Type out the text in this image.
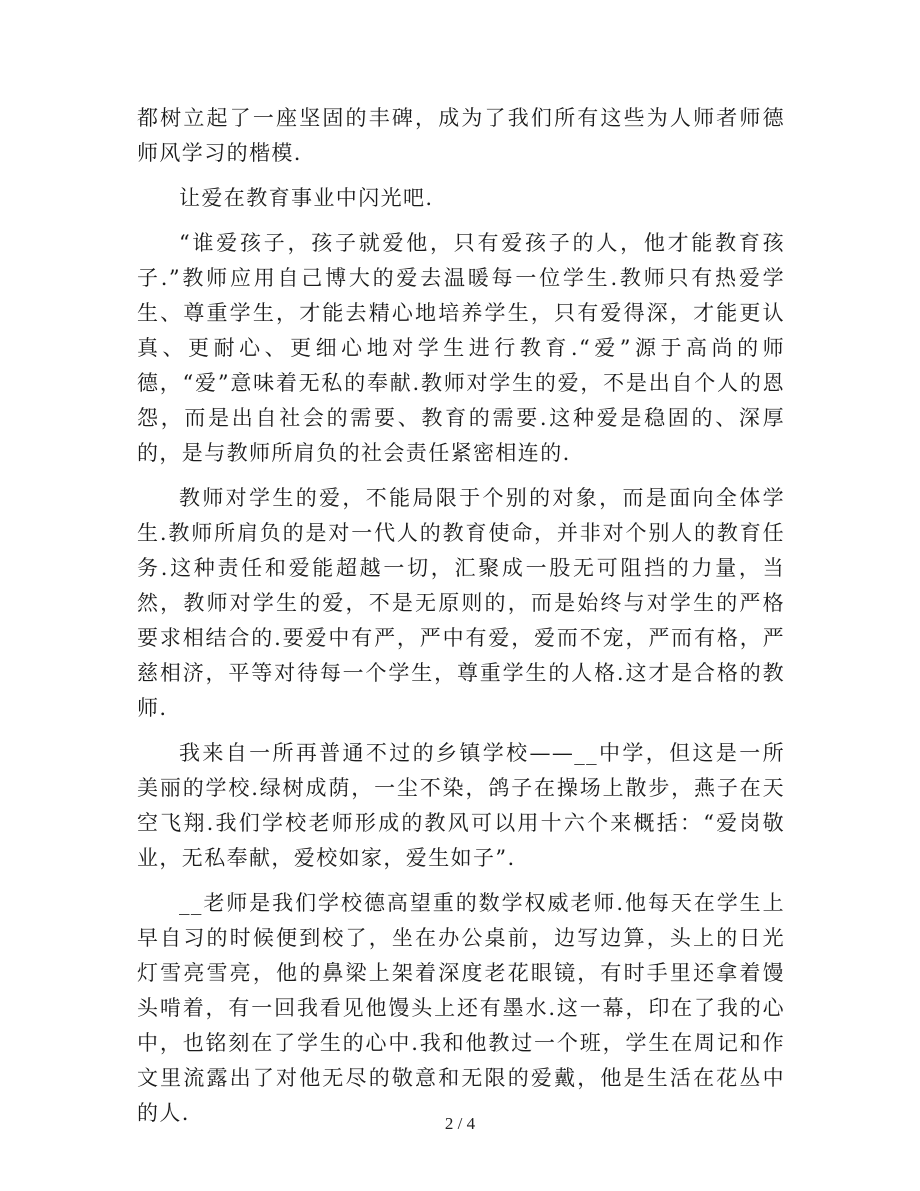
都树立起了一座坚固的丰碑，成为了我们所有这些为人师者师德师风学习的楷模.

让爱在教育事业中闪光吧.

“谁爱孩子，孩子就爱他，只有爱孩子的人，他才能教育孩子.”教师应用自己博大的爱去温暖每一位学生.教师只有热爱学生、尊重学生，才能去精心地培养学生，只有爱得深，才能更认真、更耐心、更细心地对学生进行教育.“爱”源于高尚的师德，“爱”意味着无私的奉献.教师对学生的爱，不是出自个人的恩怨，而是出自社会的需要、教育的需要.这种爱是稳固的、深厚的，是与教师所肩负的社会责任紧密相连的.

教师对学生的爱，不能局限于个别的对象，而是面向全体学生.教师所肩负的是对一代人的教育使命，并非对个别人的教育任务.这种责任和爱能超越一切，汇聚成一股无可阻挡的力量，当然，教师对学生的爱，不是无原则的，而是始终与对学生的严格要求相结合的.要爱中有严，严中有爱，爱而不宠，严而有格，严慈相济，平等对待每一个学生，尊重学生的人格.这才是合格的教师.

我来自一所再普通不过的乡镇学校——__中学，但这是一所美丽的学校.绿树成荫，一尘不染，鸽子在操场上散步，燕子在天空飞翔.我们学校老师形成的教风可以用十六个来概括：“爱岗敬业，无私奉献，爱校如家，爱生如子”.

__老师是我们学校德高望重的数学权威老师.他每天在学生上早自习的时候便到校了，坐在办公桌前，边写边算，头上的日光灯雪亮雪亮，他的鼻梁上架着深度老花眼镜，有时手里还拿着馒头啃着，有一回我看见他馒头上还有墨水.这一幕，印在了我的心中，也铭刻在了学生的心中.我和他教过一个班，学生在周记和作文里流露出了对他无尽的敬意和无限的爱戴，他是生活在花丛中的人.	2 / 4
